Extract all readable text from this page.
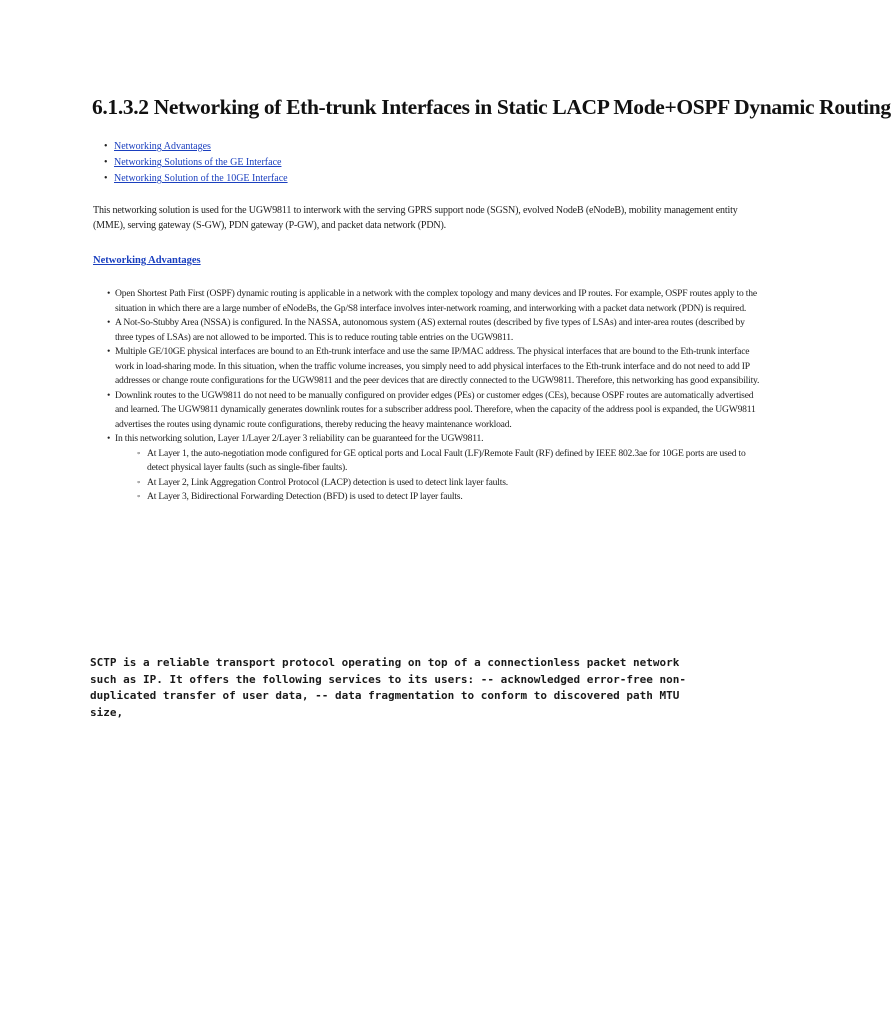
6.1.3.2 Networking of Eth-trunk Interfaces in Static LACP Mode+OSPF Dynamic Routing
• Networking Advantages
• Networking Solutions of the GE Interface
• Networking Solution of the 10GE Interface

This networking solution is used for the UGW9811 to interwork with the serving GPRS support node (SGSN), evolved NodeB (eNodeB), mobility management entity (MME), serving gateway (S-GW), PDN gateway (P-GW), and packet data network (PDN).

Networking Advantages

• Open Shortest Path First (OSPF) dynamic routing is applicable in a network with the complex topology and many devices and IP routes. For example, OSPF routes apply to the situation in which there are a large number of eNodeBs, the Gp/S8 interface involves inter-network roaming, and interworking with a packet data network (PDN) is required.
• A Not-So-Stubby Area (NSSA) is configured. In the NASSA, autonomous system (AS) external routes (described by five types of LSAs) and inter-area routes (described by three types of LSAs) are not allowed to be imported. This is to reduce routing table entries on the UGW9811.
• Multiple GE/10GE physical interfaces are bound to an Eth-trunk interface and use the same IP/MAC address. The physical interfaces that are bound to the Eth-trunk interface work in load-sharing mode. In this situation, when the traffic volume increases, you simply need to add physical interfaces to the Eth-trunk interface and do not need to add IP addresses or change route configurations for the UGW9811 and the peer devices that are directly connected to the UGW9811. Therefore, this networking has good expansibility.
• Downlink routes to the UGW9811 do not need to be manually configured on provider edges (PEs) or customer edges (CEs), because OSPF routes are automatically advertised and learned. The UGW9811 dynamically generates downlink routes for a subscriber address pool. Therefore, when the capacity of the address pool is expanded, the UGW9811 advertises the routes using dynamic route configurations, thereby reducing the heavy maintenance workload.
• In this networking solution, Layer 1/Layer 2/Layer 3 reliability can be guaranteed for the UGW9811.
◦ At Layer 1, the auto-negotiation mode configured for GE optical ports and Local Fault (LF)/Remote Fault (RF) defined by IEEE 802.3ae for 10GE ports are used to detect physical layer faults (such as single-fiber faults).
◦ At Layer 2, Link Aggregation Control Protocol (LACP) detection is used to detect link layer faults.
◦ At Layer 3, Bidirectional Forwarding Detection (BFD) is used to detect IP layer faults.

SCTP is a reliable transport protocol operating on top of a connectionless packet network such as IP. It offers the following services to its users: -- acknowledged error-free non-duplicated transfer of user data, -- data fragmentation to conform to discovered path MTU size,
